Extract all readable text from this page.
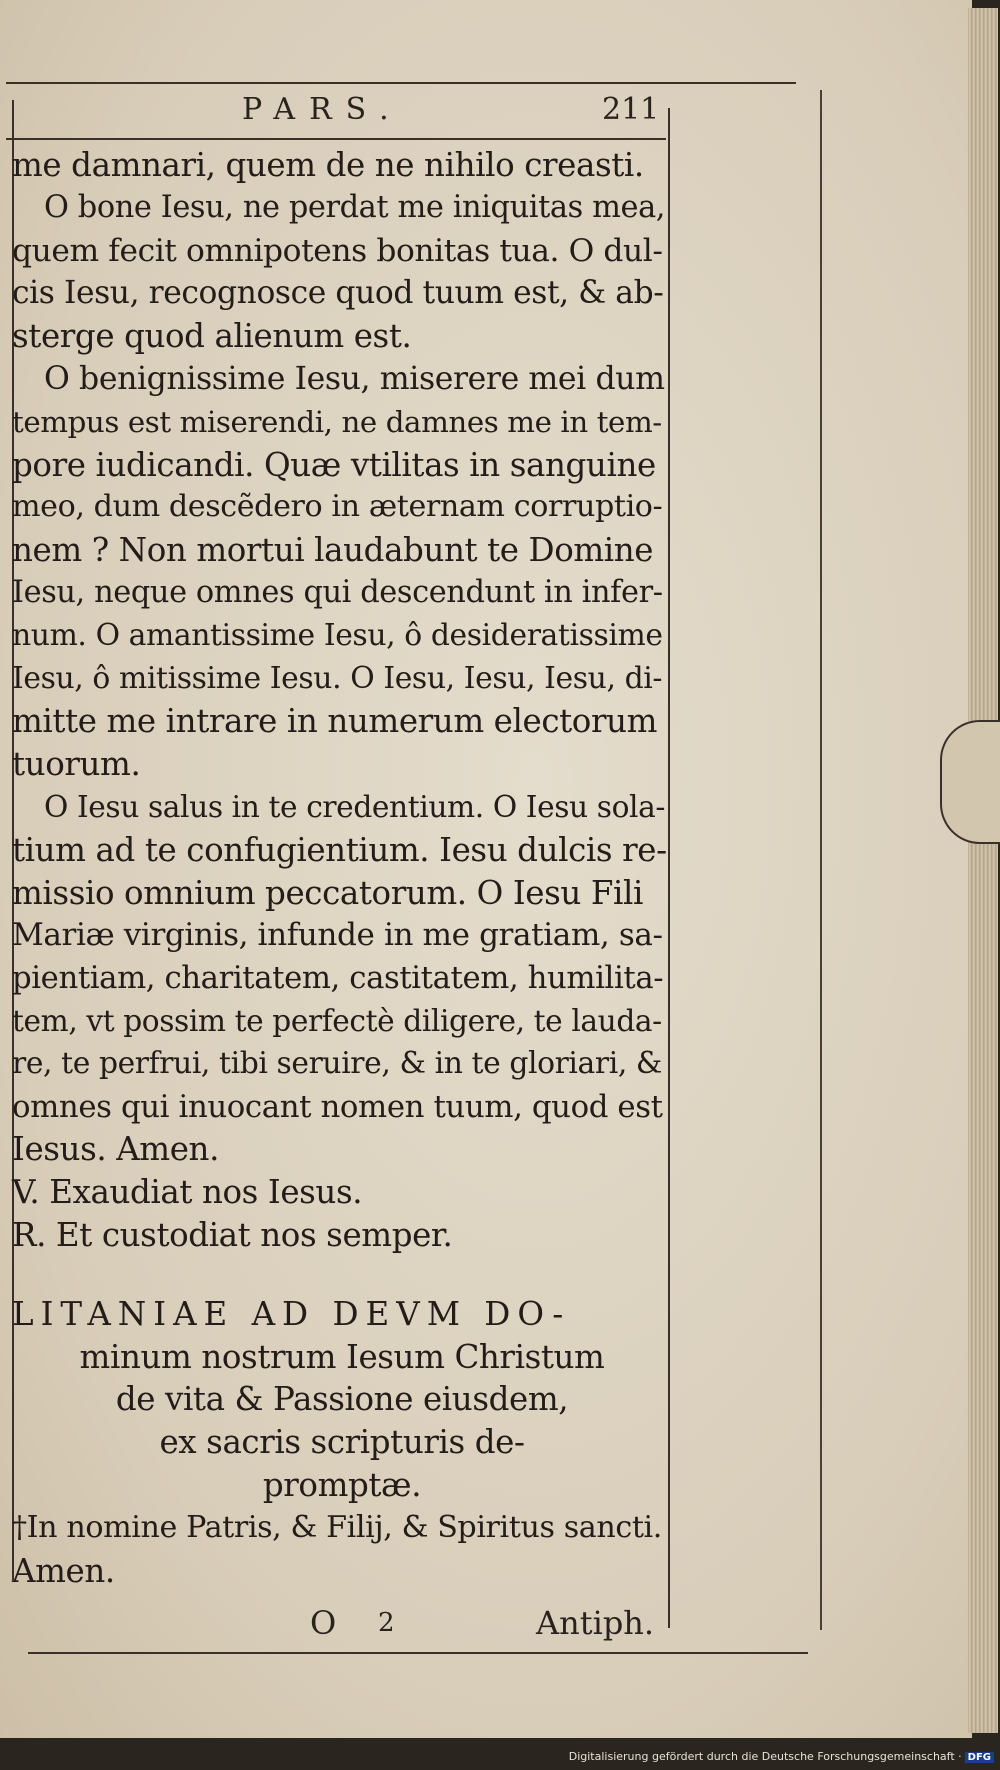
PARS.	211
me damnari, quem de ne nihilo creasti.
O bone Iesu, ne perdat me iniquitas mea,
quem fecit omnipotens bonitas tua. O dul-
cis Iesu, recognosce quod tuum est, & ab-
sterge quod alienum est.
O benignissime Iesu, miserere mei dum
tempus est miserendi, ne damnes me in tem-
pore iudicandi. Quæ vtilitas in sanguine
meo, dum descẽdero in æternam corruptio-
nem ? Non mortui laudabunt te Domine
Iesu, neque omnes qui descendunt in infer-
num. O amantissime Iesu, ô desideratissime
Iesu, ô mitissime Iesu. O Iesu, Iesu, Iesu, di-
mitte me intrare in numerum electorum
tuorum.
O Iesu salus in te credentium. O Iesu sola-
tium ad te confugientium. Iesu dulcis re-
missio omnium peccatorum. O Iesu Fili
Mariæ virginis, infunde in me gratiam, sa-
pientiam, charitatem, castitatem, humilita-
tem, vt possim te perfectè diligere, te lauda-
re, te perfrui, tibi seruire, & in te gloriari, &
omnes qui inuocant nomen tuum, quod est
Iesus. Amen.
V. Exaudiat nos Iesus.
R. Et custodiat nos semper.
LITANIAE AD DEVM DO-
minum nostrum Iesum Christum
de vita & Passione eiusdem,
ex sacris scripturis de-
promptæ.
†In nomine Patris, & Filij, & Spiritus sancti.
Amen.
O 2	Antiph.
Digitalisierung gefördert durch die Deutsche Forschungsgemeinschaft · DFG
